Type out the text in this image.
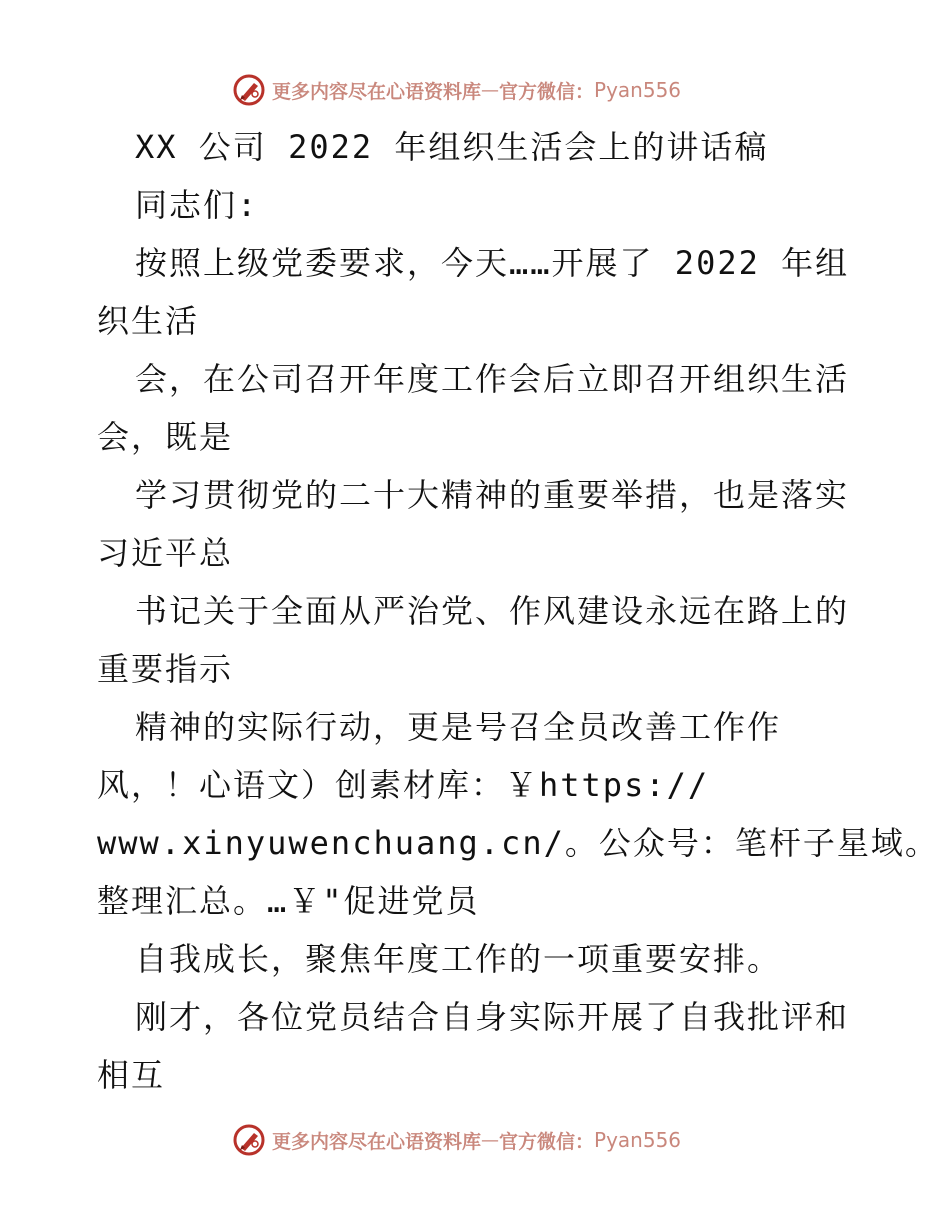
更多内容尽在心语资料库 — 官方微信： Pyan556
XX 公司 2022 年组织生活会上的讲话稿
同志们:
按照上级党委要求，今天……开展了 2022 年组
织生活
会，在公司召开年度工作会后立即召开组织生活
会，既是
学习贯彻党的二十大精神的重要举措，也是落实
习近平总
书记关于全面从严治党、作风建设永远在路上的
重要指示
精神的实际行动，更是号召全员改善工作作
风，！心语文）创素材库：￥https://
www.xinyuwenchuang.cn/。公众号：笔杆子星域。
整理汇总。…￥"促进党员
自我成长，聚焦年度工作的一项重要安排。
刚才，各位党员结合自身实际开展了自我批评和
相互
更多内容尽在心语资料库 — 官方微信： Pyan556
